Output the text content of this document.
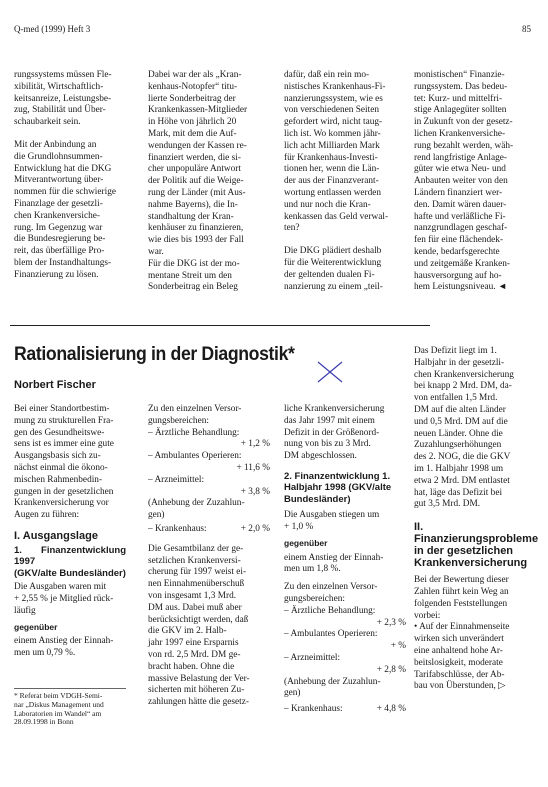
Q-med (1999) Heft 3	85
rungssystems müssen Fle-
xibilität, Wirtschaftlich-
keitsanreize, Leistungsbe-
zug, Stabilität und Über-
schaubarkeit sein.
Mit der Anbindung an
die Grundlohnsummen-
Entwicklung hat die DKG
Mitverantwortung über-
nommen für die schwierige
Finanzlage der gesetzli-
chen Krankenversiche-
rung. Im Gegenzug war
die Bundesregierung be-
reit, das überfällige Pro-
blem der Instandhaltungs-
Finanzierung zu lösen.
Dabei war der als „Kran-
kenhaus-Notopfer“ titu-
lierte Sonderbeitrag der
Krankenkassen-Mitglieder
in Höhe von jährlich 20
Mark, mit dem die Auf-
wendungen der Kassen re-
finanziert werden, die si-
cher unpopuläre Antwort
der Politik auf die Weige-
rung der Länder (mit Aus-
nahme Bayerns), die In-
standhaltung der Kran-
kenhäuser zu finanzieren,
wie dies bis 1993 der Fall
war.
Für die DKG ist der mo-
mentane Streit um den
Sonderbeitrag ein Beleg
dafür, daß ein rein mo-
nistisches Krankenhaus-Fi-
nanzierungssystem, wie es
von verschiedenen Seiten
gefordert wird, nicht taug-
lich ist. Wo kommen jähr-
lich acht Milliarden Mark
für Krankenhaus-Investi-
tionen her, wenn die Län-
der aus der Finanzverant-
wortung entlassen werden
und nur noch die Kran-
kenkassen das Geld verwal-
ten?
Die DKG plädiert deshalb
für die Weiterentwicklung
der geltenden dualen Fi-
nanzierung zu einem „teil-
monistischen“ Finanzie-
rungssystem. Das bedeu-
tet: Kurz- und mittelfri-
stige Anlagegüter sollten
in Zukunft von der gesetz-
lichen Krankenversiche-
rung bezahlt werden, wäh-
rend langfristige Anlage-
güter wie etwa Neu- und
Anbauten weiter von den
Ländern finanziert wer-
den. Damit wären dauer-
hafte und verläßliche Fi-
nanzgrundlagen geschaf-
fen für eine flächendek-
kende, bedarfsgerechte
und zeitgemäße Kranken-
hausversorgung auf ho-
hem Leistungsniveau. ◄
Rationalisierung in der Diagnostik*
Norbert Fischer
Bei einer Standortbestim-
mung zu strukturellen Fra-
gen des Gesundheitswe-
sens ist es immer eine gute
Ausgangsbasis sich zu-
nächst einmal die ökono-
mischen Rahmenbedin-
gungen in der gesetzlichen
Krankenversicherung vor
Augen zu führen:
I. Ausgangslage
1. Finanzentwicklung 1997
(GKV/alte Bundesländer)
Die Ausgaben waren mit
+ 2,55 % je Mitglied rück-
läufig
gegenüber
einem Anstieg der Einnah-
men um 0,79 %.
* Referat beim VDGH-Semi-
nar „Diskus Management und
Laboratorien im Wandel“ am
28.09.1998 in Bonn
Zu den einzelnen Versor-
gungsbereichen:
– Ärztliche Behandlung:
+ 1,2 %
– Ambulantes Operieren:
+ 11,6 %
– Arzneimittel:
+ 3,8 %
(Anhebung der Zuzahlun-
gen)
– Krankenhaus:	+ 2,0 %
Die Gesamtbilanz der ge-
setzlichen Krankenversi-
cherung für 1997 weist ei-
nen Einnahmenüberschuß
von insgesamt 1,3 Mrd.
DM aus. Dabei muß aber
berücksichtigt werden, daß
die GKV im 2. Halb-
jahr 1997 eine Ersparnis
von rd. 2,5 Mrd. DM ge-
bracht haben. Ohne die
massive Belastung der Ver-
sicherten mit höheren Zu-
zahlungen hätte die gesetz-
liche Krankenversicherung
das Jahr 1997 mit einem
Defizit in der Größenord-
nung von bis zu 3 Mrd.
DM abgeschlossen.
2. Finanzentwicklung 1.
Halbjahr 1998 (GKV/alte
Bundesländer)
Die Ausgaben stiegen um
+ 1,0 %
gegenüber
einem Anstieg der Einnah-
men um 1,8 %.
Zu den einzelnen Versor-
gungsbereichen:
– Ärztliche Behandlung:
+ 2,3 %
– Ambulantes Operieren:
+ %
– Arzneimittel:
+ 2,8 %
(Anhebung der Zuzahlun-
gen)
– Krankenhaus:	+ 4,8 %
Das Defizit liegt im 1.
Halbjahr in der gesetzli-
chen Krankenversicherung
bei knapp 2 Mrd. DM, da-
von entfallen 1,5 Mrd.
DM auf die alten Länder
und 0,5 Mrd. DM auf die
neuen Länder. Ohne die
Zuzahlungserhöhungen
des 2. NOG, die die GKV
im 1. Halbjahr 1998 um
etwa 2 Mrd. DM entlastet
hat, läge das Defizit bei
gut 3,5 Mrd. DM.
II.
Finanzierungsprobleme
in der gesetzlichen
Krankenversicherung
Bei der Bewertung dieser
Zahlen führt kein Weg an
folgenden Feststellungen
vorbei:
• Auf der Einnahmenseite
wirken sich unverändert
eine anhaltend hohe Ar-
beitslosigkeit, moderate
Tarifabschlüsse, der Ab-
bau von Überstunden, ▷
